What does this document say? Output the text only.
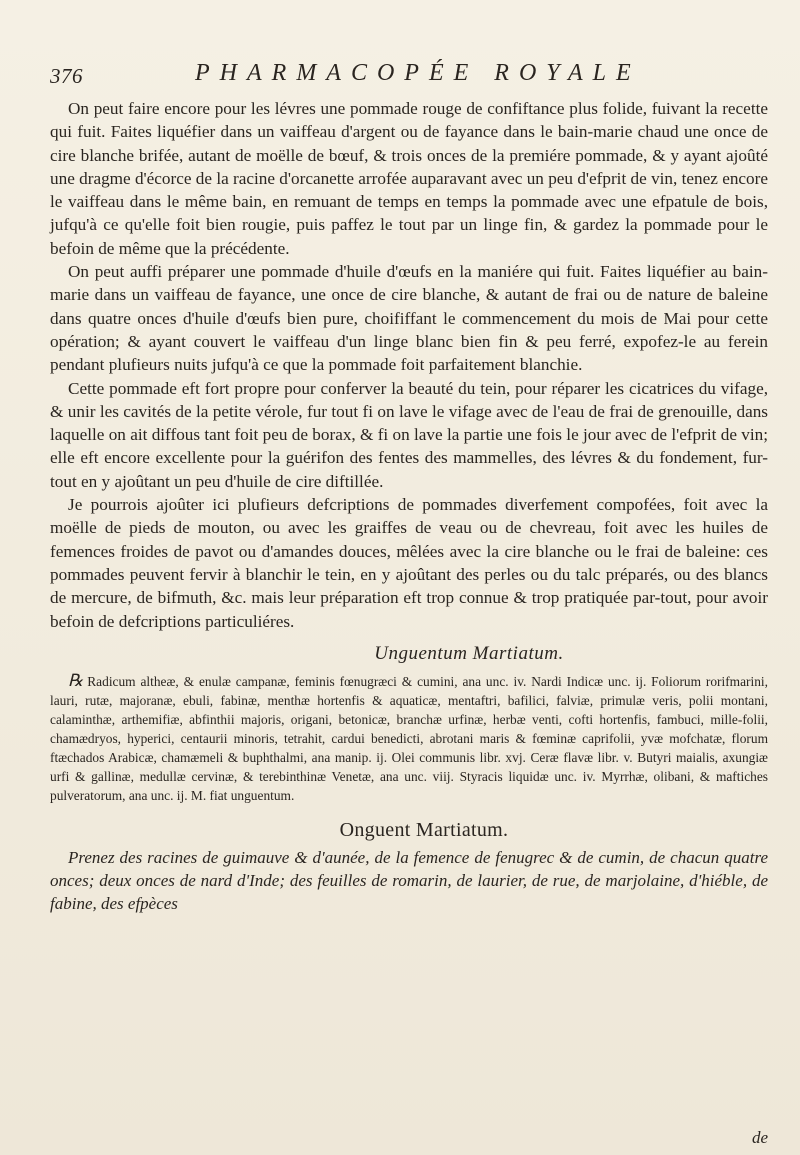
376	PHARMACOPÉE ROYALE

On peut faire encore pour les lévres une pommade rouge de confiftance plus folide, fuivant la recette qui fuit. Faites liquéfier dans un vaiffeau d'argent ou de fayance dans le bain-marie chaud une once de cire blanche brifée, autant de moëlle de bœuf, & trois onces de la premiére pommade, & y ayant ajoûté une dragme d'écorce de la racine d'orcanette arrofée auparavant avec un peu d'efprit de vin, tenez encore le vaiffeau dans le même bain, en remuant de temps en temps la pommade avec une efpatule de bois, jufqu'à ce qu'elle foit bien rougie, puis paffez le tout par un linge fin, & gardez la pommade pour le befoin de même que la précédente.

On peut auffi préparer une pommade d'huile d'œufs en la maniére qui fuit. Faites liquéfier au bain-marie dans un vaiffeau de fayance, une once de cire blanche, & autant de frai ou de nature de baleine dans quatre onces d'huile d'œufs bien pure, choififfant le commencement du mois de Mai pour cette opération; & ayant couvert le vaiffeau d'un linge blanc bien fin & peu ferré, expofez-le au ferein pendant plufieurs nuits jufqu'à ce que la pommade foit parfaitement blanchie.

Cette pommade eft fort propre pour conferver la beauté du tein, pour réparer les cicatrices du vifage, & unir les cavités de la petite vérole, fur tout fi on lave le vifage avec de l'eau de frai de grenouille, dans laquelle on ait diffous tant foit peu de borax, & fi on lave la partie une fois le jour avec de l'efprit de vin; elle eft encore excellente pour la guérifon des fentes des mammelles, des lévres & du fondement, fur-tout en y ajoûtant un peu d'huile de cire diftillée.

Je pourrois ajoûter ici plufieurs defcriptions de pommades diverfement compofées, foit avec la moëlle de pieds de mouton, ou avec les graiffes de veau ou de chevreau, foit avec les huiles de femences froides de pavot ou d'amandes douces, mêlées avec la cire blanche ou le frai de baleine: ces pommades peuvent fervir à blanchir le tein, en y ajoûtant des perles ou du talc préparés, ou des blancs de mercure, de bifmuth, &c. mais leur préparation eft trop connue & trop pratiquée par-tout, pour avoir befoin de defcriptions particuliéres.

Unguentum Martiatum.

℞ Radicum altheæ, & enulæ campanæ, feminis fœnugræci & cumini, ana unc. iv. Nardi Indicæ unc. ij. Foliorum rorifmarini, lauri, rutæ, majoranæ, ebuli, fabinæ, menthæ hortenfis & aquaticæ, mentaftri, bafilici, falviæ, primulæ veris, polii montani, calaminthæ, arthemifiæ, abfinthii majoris, origani, betonicæ, branchæ urfinæ, herbæ venti, cofti hortenfis, fambuci, mille-folii, chamædryos, hyperici, centaurii minoris, tetrahit, cardui benedicti, abrotani maris & fœminæ caprifolii, yvæ mofchatæ, florum ftæchados Arabicæ, chamæmeli & buphthalmi, ana manip. ij. Olei communis libr. xvj. Ceræ flavæ libr. v. Butyri maialis, axungiæ urfi & gallinæ, medullæ cervinæ, & terebinthinæ Venetæ, ana unc. viij. Styracis liquidæ unc. iv. Myrrhæ, olibani, & maftiches pulveratorum, ana unc. ij. M. fiat unguentum.

Onguent Martiatum.

Prenez des racines de guimauve & d'aunée, de la femence de fenugrec & de cumin, de chacun quatre onces; deux onces de nard d'Inde; des feuilles de romarin, de laurier, de rue, de marjolaine, d'hiéble, de fabine, des efpèces

de
